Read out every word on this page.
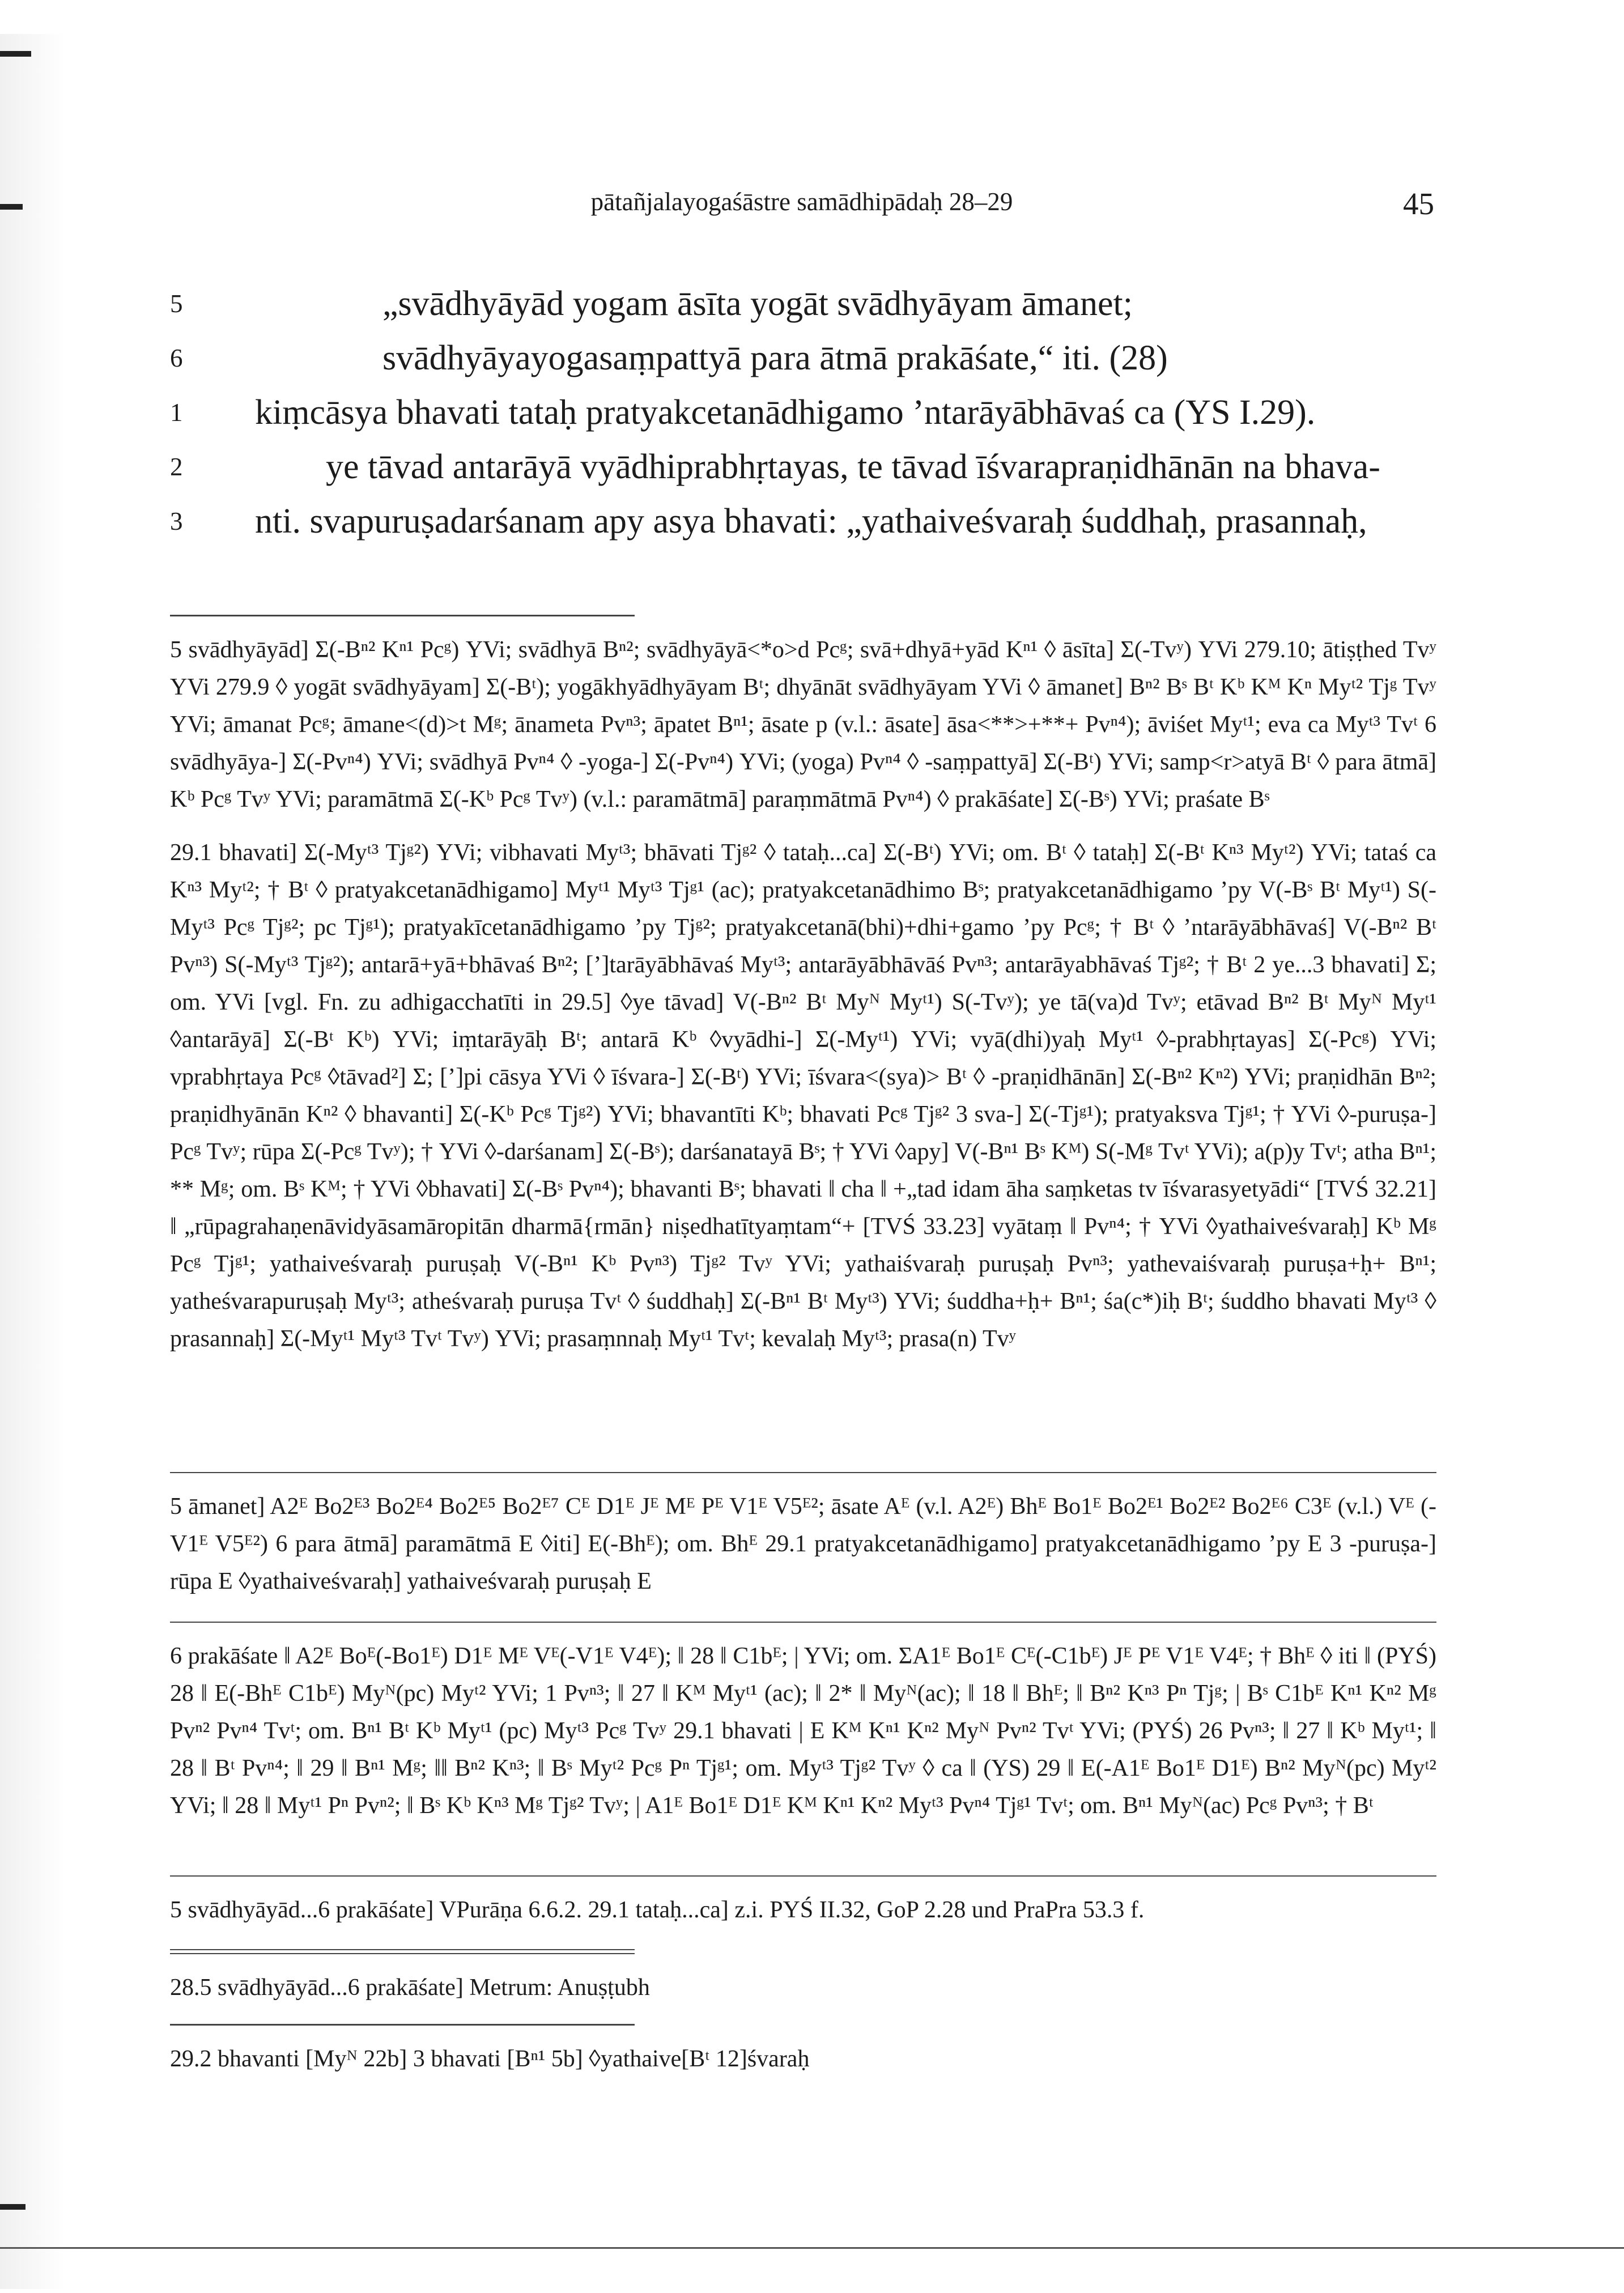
pātañjalayogaśāstre samādhipādaḥ 28–29	45
5	„svādhyāyād yogam āsīta yogāt svādhyāyam āmanet;
6	svādhyāyayogasaṃpattyā para ātmā prakāśate,“ iti. (28)
1	kiṃcāsya bhavati tataḥ pratyakcetanādhigamo ’ntarāyābhāvaś ca (YS I.29).
2	ye tāvad antarāyā vyādhiprabhṛtayas, te tāvad īśvarapraṇidhānān na bhava-
3	nti. svapuruṣadarśanam apy asya bhavati: „yathaiveśvaraḥ śuddhaḥ, prasannaḥ,

5 svādhyāyād] Σ(-Bⁿ² Kⁿ¹ Pcᵍ) YVi; svādhyā Bⁿ²; svādhyāyā<*o>d Pcᵍ; svā+dhyā+yād Kⁿ¹ ◊ āsīta] Σ(-Tvʸ) YVi 279.10; ātiṣṭhed Tvʸ YVi 279.9 ◊ yogāt svādhyāyam] Σ(-Bᵗ); yogākhyādhyāyam Bᵗ; dhyānāt svādhyāyam YVi ◊ āmanet] Bⁿ² Bˢ Bᵗ Kᵇ Kᴹ Kⁿ Myᵗ² Tjᵍ Tvʸ YVi; āmanat Pcᵍ; āmane<(d)>t Mᵍ; ānameta Pvⁿ³; āpatet Bⁿ¹; āsate p (v.l.: āsate] āsa<**>+**+ Pvⁿ⁴); āviśet Myᵗ¹; eva ca Myᵗ³ Tvᵗ 6 svādhyāya-] Σ(-Pvⁿ⁴) YVi; svādhyā Pvⁿ⁴ ◊ -yoga-] Σ(-Pvⁿ⁴) YVi; (yoga) Pvⁿ⁴ ◊ -saṃpattyā] Σ(-Bᵗ) YVi; samp<r>atyā Bᵗ ◊ para ātmā] Kᵇ Pcᵍ Tvʸ YVi; paramātmā Σ(-Kᵇ Pcᵍ Tvʸ) (v.l.: paramātmā] paraṃmātmā Pvⁿ⁴) ◊ prakāśate] Σ(-Bˢ) YVi; praśate Bˢ

29.1 bhavati] Σ(-Myᵗ³ Tjᵍ²) YVi; vibhavati Myᵗ³; bhāvati Tjᵍ² ◊ tataḥ...ca] Σ(-Bᵗ) YVi; om. Bᵗ ◊ tataḥ] Σ(-Bᵗ Kⁿ³ Myᵗ²) YVi; tataś ca Kⁿ³ Myᵗ²; † Bᵗ ◊ pratyakcetanādhigamo] Myᵗ¹ Myᵗ³ Tjᵍ¹ (ac); pratyakcetanādhimo Bˢ; pratyakcetanādhigamo ’py V(-Bˢ Bᵗ Myᵗ¹) S(-Myᵗ³ Pcᵍ Tjᵍ²; pc Tjᵍ¹); pratyakīcetanādhigamo ’py Tjᵍ²; pratyakcetanā(bhi)+dhi+gamo ’py Pcᵍ; † Bᵗ ◊ ’ntarāyābhāvaś] V(-Bⁿ² Bᵗ Pvⁿ³) S(-Myᵗ³ Tjᵍ²); antarā+yā+bhāvaś Bⁿ²; [’]tarāyābhāvaś Myᵗ³; antarāyābhāvāś Pvⁿ³; antarāyabhāvaś Tjᵍ²; † Bᵗ 2 ye...3 bhavati] Σ; om. YVi [vgl. Fn. zu adhigacchatīti in 29.5] ◊ye tāvad] V(-Bⁿ² Bᵗ Myᴺ Myᵗ¹) S(-Tvʸ); ye tā(va)d Tvʸ; etāvad Bⁿ² Bᵗ Myᴺ Myᵗ¹ ◊antarāyā] Σ(-Bᵗ Kᵇ) YVi; iṃtarāyāḥ Bᵗ; antarā Kᵇ ◊vyādhi-] Σ(-Myᵗ¹) YVi; vyā(dhi)yaḥ Myᵗ¹ ◊-prabhṛtayas] Σ(-Pcᵍ) YVi; vprabhṛtaya Pcᵍ ◊tāvad²] Σ; [’]pi cāsya YVi ◊ īśvara-] Σ(-Bᵗ) YVi; īśvara<(sya)> Bᵗ ◊ -praṇidhānān] Σ(-Bⁿ² Kⁿ²) YVi; praṇidhān Bⁿ²; praṇidhyānān Kⁿ² ◊ bhavanti] Σ(-Kᵇ Pcᵍ Tjᵍ²) YVi; bhavantīti Kᵇ; bhavati Pcᵍ Tjᵍ² 3 sva-] Σ(-Tjᵍ¹); pratyaksva Tjᵍ¹; † YVi ◊-puruṣa-] Pcᵍ Tvʸ; rūpa Σ(-Pcᵍ Tvʸ); † YVi ◊-darśanam] Σ(-Bˢ); darśanatayā Bˢ; † YVi ◊apy] V(-Bⁿ¹ Bˢ Kᴹ) S(-Mᵍ Tvᵗ YVi); a(p)y Tvᵗ; atha Bⁿ¹; ** Mᵍ; om. Bˢ Kᴹ; † YVi ◊bhavati] Σ(-Bˢ Pvⁿ⁴); bhavanti Bˢ; bhavati ‖ cha ‖ +„tad idam āha saṃketas tv īśvarasyetyādi“ [TVŚ 32.21] ‖ „rūpagrahaṇenāvidyāsamāropitān dharmā{rmān} niṣedhatītyaṃtam“+ [TVŚ 33.23] vyātaṃ ‖ Pvⁿ⁴; † YVi ◊yathaiveśvaraḥ] Kᵇ Mᵍ Pcᵍ Tjᵍ¹; yathaiveśvaraḥ puruṣaḥ V(-Bⁿ¹ Kᵇ Pvⁿ³) Tjᵍ² Tvʸ YVi; yathaiśvaraḥ puruṣaḥ Pvⁿ³; yathevaiśvaraḥ puruṣa+ḥ+ Bⁿ¹; yatheśvarapuruṣaḥ Myᵗ³; atheśvaraḥ puruṣa Tvᵗ ◊ śuddhaḥ] Σ(-Bⁿ¹ Bᵗ Myᵗ³) YVi; śuddha+ḥ+ Bⁿ¹; śa(c*)iḥ Bᵗ; śuddho bhavati Myᵗ³ ◊ prasannaḥ] Σ(-Myᵗ¹ Myᵗ³ Tvᵗ Tvʸ) YVi; prasaṃnnaḥ Myᵗ¹ Tvᵗ; kevalaḥ Myᵗ³; prasa(n) Tvʸ

5 āmanet] A2ᴱ Bo2ᴱ³ Bo2ᴱ⁴ Bo2ᴱ⁵ Bo2ᴱ⁷ Cᴱ D1ᴱ Jᴱ Mᴱ Pᴱ V1ᴱ V5ᴱ²; āsate Aᴱ (v.l. A2ᴱ) Bhᴱ Bo1ᴱ Bo2ᴱ¹ Bo2ᴱ² Bo2ᴱ⁶ C3ᴱ (v.l.) Vᴱ (-V1ᴱ V5ᴱ²) 6 para ātmā] paramātmā E ◊iti] E(-Bhᴱ); om. Bhᴱ 29.1 pratyakcetanādhigamo] pratyakcetanādhigamo ’py E 3 -puruṣa-] rūpa E ◊yathaiveśvaraḥ] yathaiveśvaraḥ puruṣaḥ E

6 prakāśate ‖ A2ᴱ Boᴱ(-Bo1ᴱ) D1ᴱ Mᴱ Vᴱ(-V1ᴱ V4ᴱ); ‖ 28 ‖ C1bᴱ; | YVi; om. ΣA1ᴱ Bo1ᴱ Cᴱ(-C1bᴱ) Jᴱ Pᴱ V1ᴱ V4ᴱ; † Bhᴱ ◊ iti ‖ (PYŚ) 28 ‖ E(-Bhᴱ C1bᴱ) Myᴺ(pc) Myᵗ² YVi; 1 Pvⁿ³; ‖ 27 ‖ Kᴹ Myᵗ¹ (ac); ‖ 2* ‖ Myᴺ(ac); ‖ 18 ‖ Bhᴱ; ‖ Bⁿ² Kⁿ³ Pⁿ Tjᵍ; | Bˢ C1bᴱ Kⁿ¹ Kⁿ² Mᵍ Pvⁿ² Pvⁿ⁴ Tvᵗ; om. Bⁿ¹ Bᵗ Kᵇ Myᵗ¹ (pc) Myᵗ³ Pcᵍ Tvʸ 29.1 bhavati | E Kᴹ Kⁿ¹ Kⁿ² Myᴺ Pvⁿ² Tvᵗ YVi; (PYŚ) 26 Pvⁿ³; ‖ 27 ‖ Kᵇ Myᵗ¹; ‖ 28 ‖ Bᵗ Pvⁿ⁴; ‖ 29 ‖ Bⁿ¹ Mᵍ; ‖‖ Bⁿ² Kⁿ³; ‖ Bˢ Myᵗ² Pcᵍ Pⁿ Tjᵍ¹; om. Myᵗ³ Tjᵍ² Tvʸ ◊ ca ‖ (YS) 29 ‖ E(-A1ᴱ Bo1ᴱ D1ᴱ) Bⁿ² Myᴺ(pc) Myᵗ² YVi; ‖ 28 ‖ Myᵗ¹ Pⁿ Pvⁿ²; ‖ Bˢ Kᵇ Kⁿ³ Mᵍ Tjᵍ² Tvʸ; | A1ᴱ Bo1ᴱ D1ᴱ Kᴹ Kⁿ¹ Kⁿ² Myᵗ³ Pvⁿ⁴ Tjᵍ¹ Tvᵗ; om. Bⁿ¹ Myᴺ(ac) Pcᵍ Pvⁿ³; † Bᵗ

5 svādhyāyād...6 prakāśate] VPurāṇa 6.6.2. 29.1 tataḥ...ca] z.i. PYŚ II.32, GoP 2.28 und PraPra 53.3 f.

28.5 svādhyāyād...6 prakāśate] Metrum: Anuṣṭubh

29.2 bhavanti [Myᴺ 22b] 3 bhavati [Bⁿ¹ 5b] ◊yathaive[Bᵗ 12]śvaraḥ
